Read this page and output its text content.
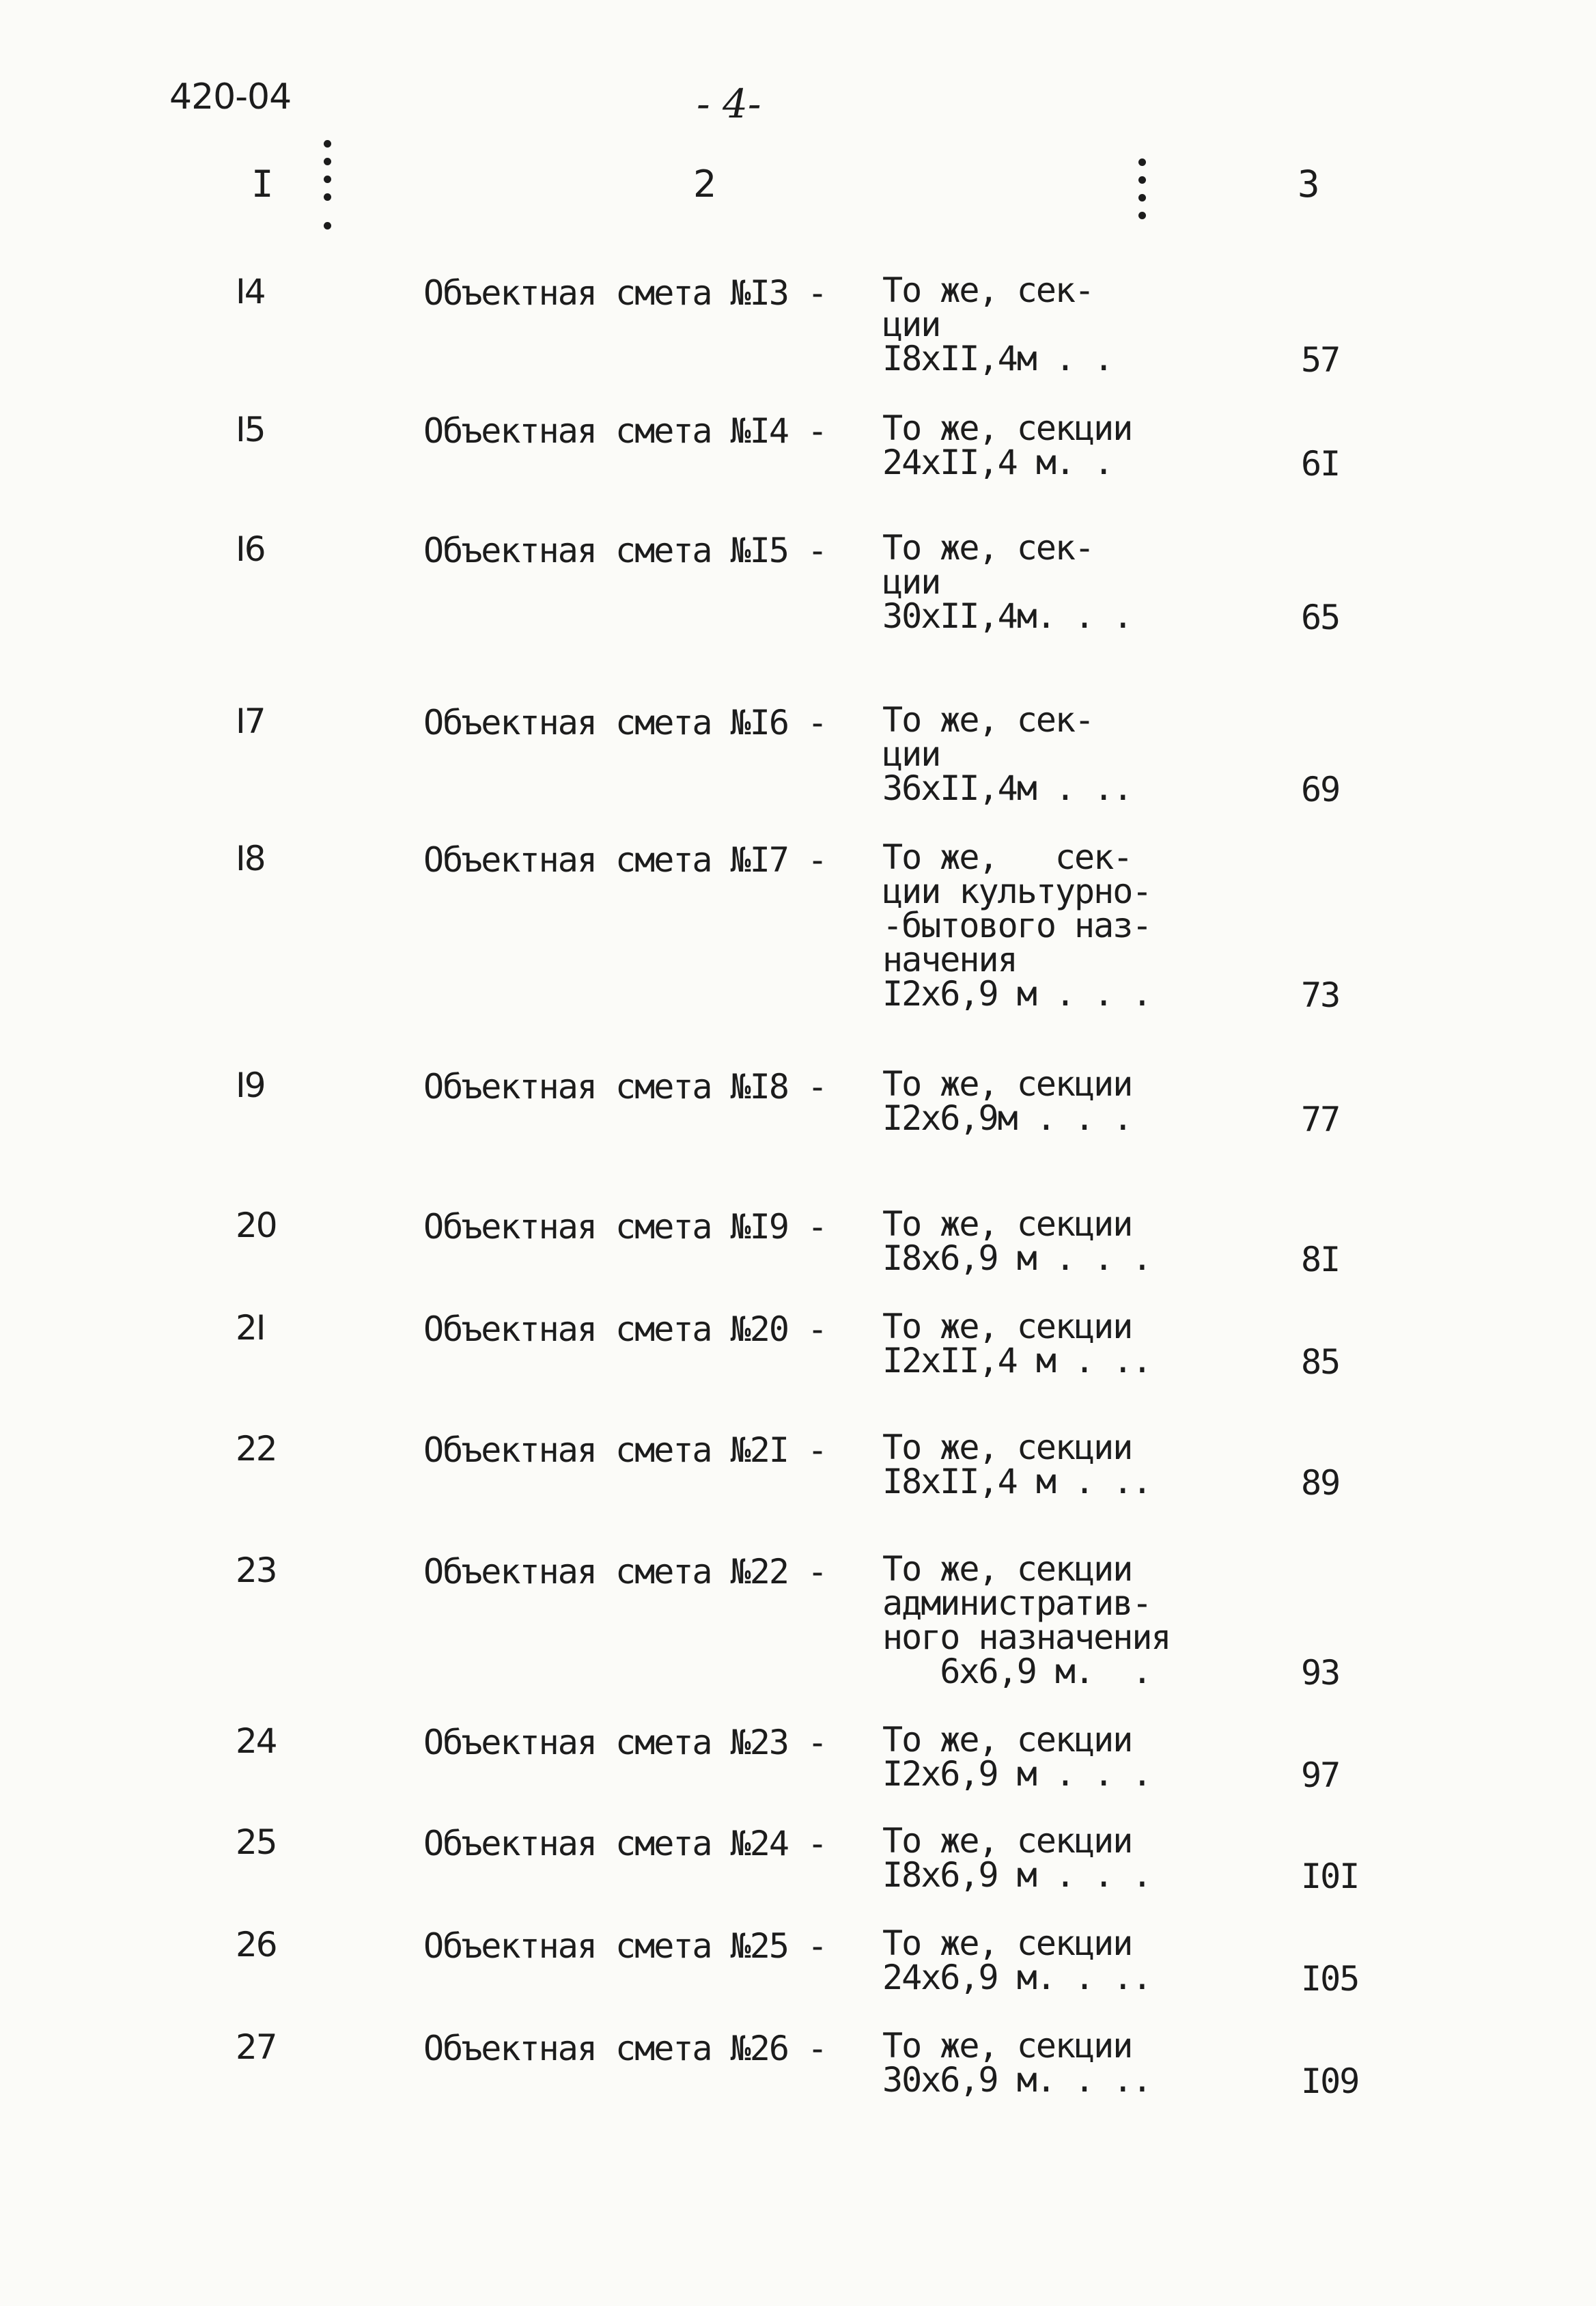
420-04	- 4-
I	2	3
I4	Объектная смета №I3 - То же, сек-
ции
I8xII,4м . .	57
I5	Объектная смета №I4 - То же, секции
24xII,4 м. .	6I
I6	Объектная смета №I5 - То же, сек-
ции
30xII,4м. . .	65
I7	Объектная смета №I6 - То же, сек-
ции
36xII,4м . ..	69
I8	Объектная смета №I7 - То же,   сек-
ции культурно-
-бытового наз-
начения
I2x6,9 м . . .	73
I9	Объектная смета №I8 - То же, секции
I2x6,9м . . .	77
20	Объектная смета №I9 - То же, секции
I8x6,9 м . . .	8I
2I	Объектная смета №20 - То же, секции
I2xII,4 м . ..	85
22	Объектная смета №2I - То же, секции
I8xII,4 м . ..	89
23	Объектная смета №22 - То же, секции
административ-
ного назначения
6x6,9 м.  .	93
24	Объектная смета №23 - То же, секции
I2x6,9 м . . .	97
25	Объектная смета №24 - То же, секции
I8x6,9 м . . .	I0I
26	Объектная смета №25 - То же, секции
24x6,9 м. . ..	I05
27	Объектная смета №26 - То же, секции
30x6,9 м. . ..	I09
